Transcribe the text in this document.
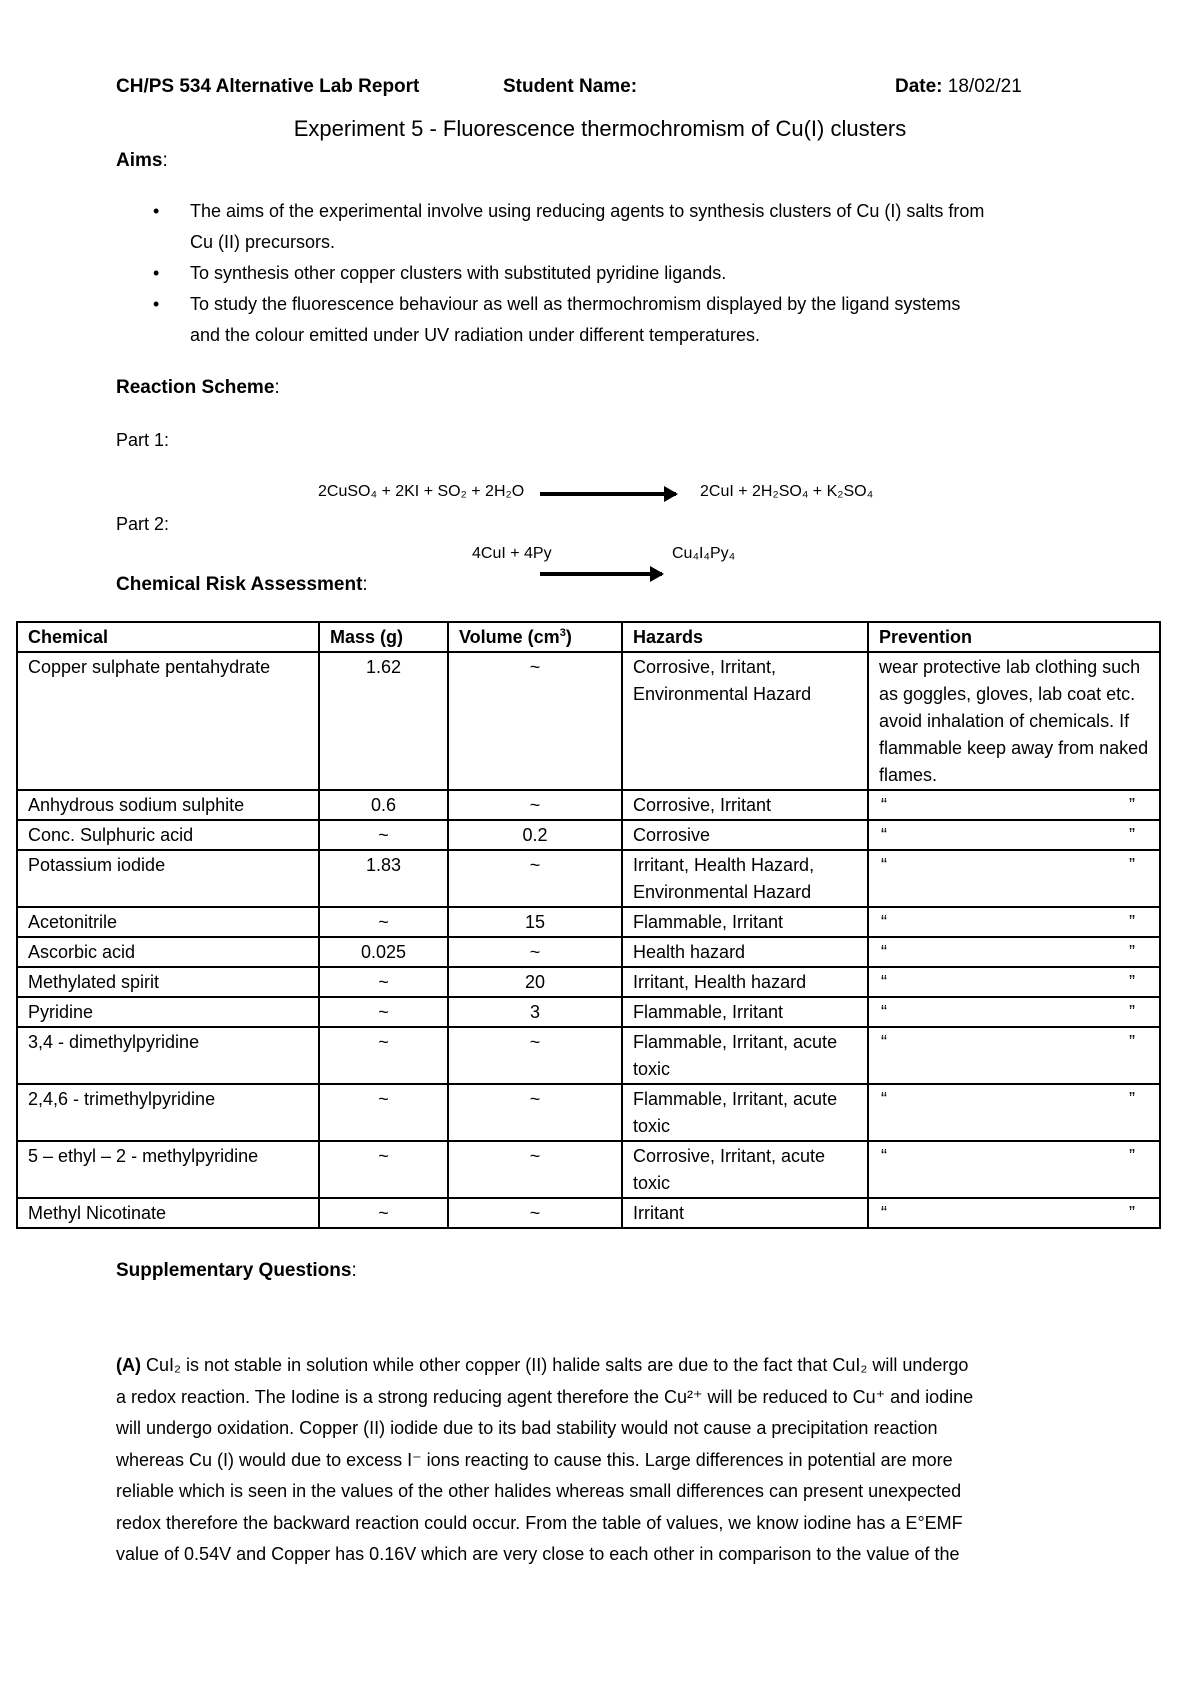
CH/PS 534 Alternative Lab Report	Student Name:	Date: 18/02/21
Experiment 5 - Fluorescence thermochromism of Cu(I) clusters
Aims:
• The aims of the experimental involve using reducing agents to synthesis clusters of Cu (I) salts from
Cu (II) precursors.
• To synthesis other copper clusters with substituted pyridine ligands.
• To study the fluorescence behaviour as well as thermochromism displayed by the ligand systems
and the colour emitted under UV radiation under different temperatures.
Reaction Scheme:
Part 1:
2CuSO₄ + 2KI + SO₂ + 2H₂O	2CuI + 2H₂SO₄ + K₂SO₄
Part 2:
4CuI + 4Py	Cu₄I₄Py₄
Chemical Risk Assessment:
Chemical	Mass (g)	Volume $(cm^3)$	Hazards	Prevention
Copper sulphate pentahydrate	1.62	~	Corrosive, Irritant, Environmental Hazard	wear protective lab clothing such as goggles, gloves, lab coat etc. avoid inhalation of chemicals. If flammable keep away from naked flames.
Anhydrous sodium sulphite	0.6	~	Corrosive, Irritant	“ ”

Conc. Sulphuric acid	~	0.2	Corrosive	“ ”

Potassium iodide	1.83	~	Irritant, Health Hazard, Environmental Hazard	“ ”

Acetonitrile	~	15	Flammable, Irritant	“ ”

Ascorbic acid	0.025	~	Health hazard	“ ”

Methylated spirit	~	20	Irritant, Health hazard	“ ”

Pyridine	~	3	Flammable, Irritant	“ ”

3,4 - dimethylpyridine	~	~	Flammable, Irritant, acute toxic	“ ”

2,4,6 - trimethylpyridine	~	~	Flammable, Irritant, acute toxic	“ ”

5 – ethyl – 2 - methylpyridine	~	~	Corrosive, Irritant, acute toxic	“ ”

Methyl Nicotinate	~	~	Irritant	“ ”
Supplementary Questions:

(A) CuI₂ is not stable in solution while other copper (II) halide salts are due to the fact that CuI₂ will undergo

a redox reaction. The Iodine is a strong reducing agent therefore the Cu²⁺ will be reduced to Cu⁺ and iodine

will undergo oxidation. Copper (II) iodide due to its bad stability would not cause a precipitation reaction

whereas Cu (I) would due to excess I⁻ ions reacting to cause this. Large differences in potential are more

reliable which is seen in the values of the other halides whereas small differences can present unexpected

redox therefore the backward reaction could occur. From the table of values, we know iodine has a E°EMF

value of 0.54V and Copper has 0.16V which are very close to each other in comparison to the value of the
